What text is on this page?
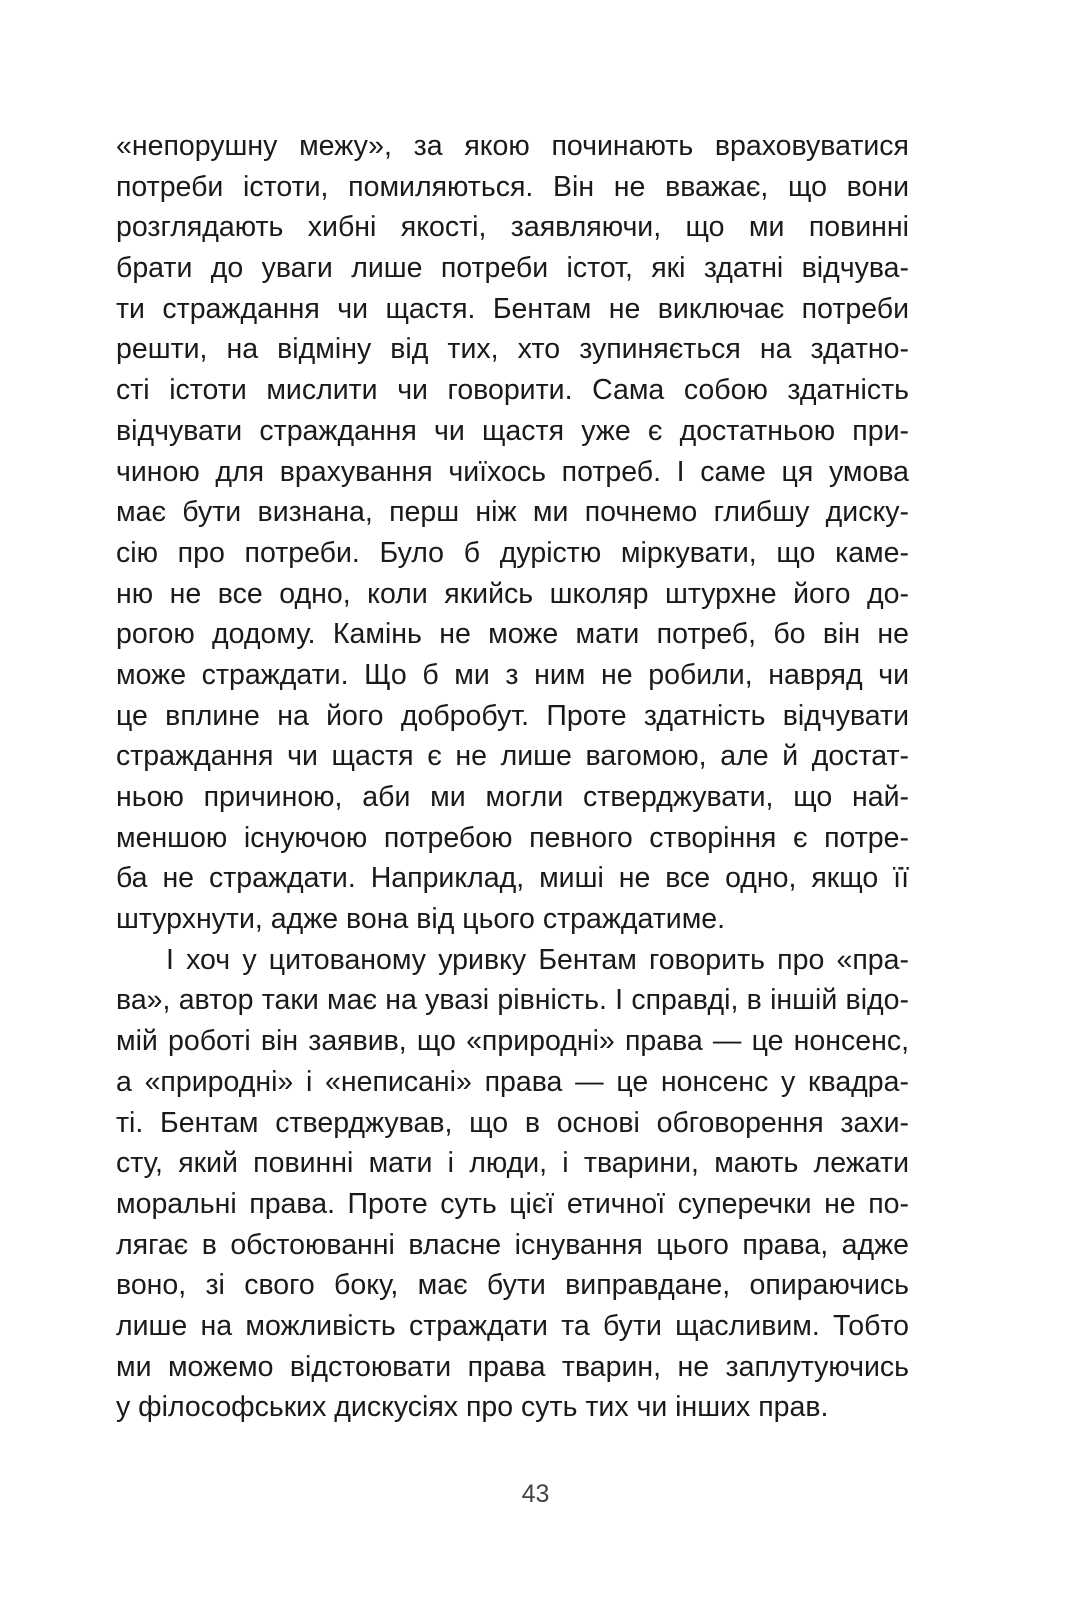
«непорушну межу», за якою починають враховуватися
потреби істоти, помиляються. Він не вважає, що вони
розглядають хибні якості, заявляючи, що ми повинні
брати до уваги лише потреби істот, які здатні відчува-
ти страждання чи щастя. Бентам не виключає потреби
решти, на відміну від тих, хто зупиняється на здатно-
сті істоти мислити чи говорити. Сама собою здатність
відчувати страждання чи щастя уже є достатньою при-
чиною для врахування чиїхось потреб. І саме ця умова
має бути визнана, перш ніж ми почнемо глибшу диску-
сію про потреби. Було б дурістю міркувати, що каме-
ню не все одно, коли якийсь школяр штурхне його до-
рогою додому. Камінь не може мати потреб, бо він не
може страждати. Що б ми з ним не робили, навряд чи
це вплине на його добробут. Проте здатність відчувати
страждання чи щастя є не лише вагомою, але й достат-
ньою причиною, аби ми могли стверджувати, що най-
меншою існуючою потребою певного створіння є потре-
ба не страждати. Наприклад, миші не все одно, якщо її
штурхнути, адже вона від цього страждатиме.
І хоч у цитованому уривку Бентам говорить про «пра-
ва», автор таки має на увазі рівність. І справді, в іншій відо-
мій роботі він заявив, що «природні» права — це нонсенс,
а «природні» і «неписані» права — це нонсенс у квадра-
ті. Бентам стверджував, що в основі обговорення захи-
сту, який повинні мати і люди, і тварини, мають лежати
моральні права. Проте суть цієї етичної суперечки не по-
лягає в обстоюванні власне існування цього права, адже
воно, зі свого боку, має бути виправдане, опираючись
лише на можливість страждати та бути щасливим. Тобто
ми можемо відстоювати права тварин, не заплутуючись
у філософських дискусіях про суть тих чи інших прав.
43
